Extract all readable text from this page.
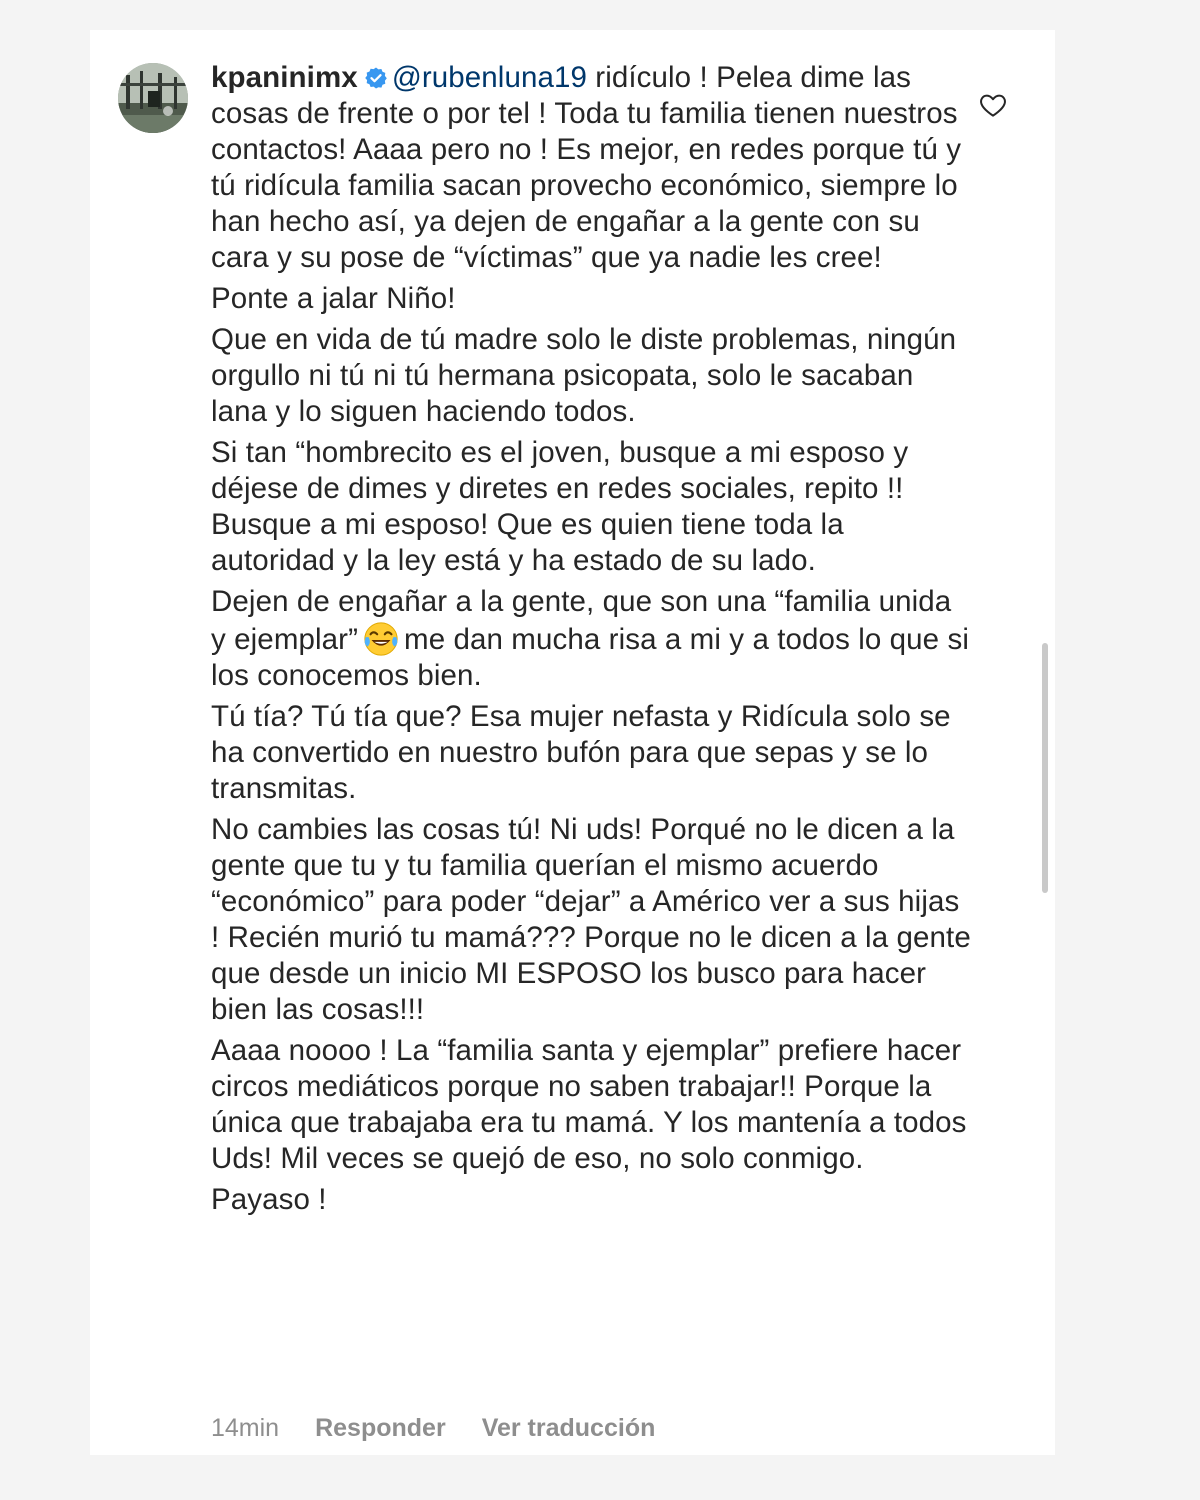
kpaninimx @rubenluna19 ridículo ! Pelea dime las cosas de frente o por tel ! Toda tu familia tienen nuestros contactos! Aaaa pero no ! Es mejor, en redes porque tú y tú ridícula familia sacan provecho económico, siempre lo han hecho así, ya dejen de engañar a la gente con su cara y su pose de “víctimas” que ya nadie les cree!

Ponte a jalar Niño!

Que en vida de tú madre solo le diste problemas, ningún orgullo ni tú ni tú hermana psicopata, solo le sacaban lana y lo siguen haciendo todos.

Si tan “hombrecito es el joven, busque a mi esposo y déjese de dimes y diretes en redes sociales, repito !! Busque a mi esposo! Que es quien tiene toda la autoridad y la ley está y ha estado de su lado.

Dejen de engañar a la gente, que son una “familia unida y ejemplar” me dan mucha risa a mi y a todos lo que si los conocemos bien.

Tú tía? Tú tía que? Esa mujer nefasta y Ridícula solo se ha convertido en nuestro bufón para que sepas y se lo transmitas.

No cambies las cosas tú! Ni uds! Porqué no le dicen a la gente que tu y tu familia querían el mismo acuerdo “económico” para poder “dejar” a Américo ver a sus hijas ! Recién murió tu mamá??? Porque no le dicen a la gente que desde un inicio MI ESPOSO los busco para hacer bien las cosas!!!

Aaaa noooo ! La “familia santa y ejemplar” prefiere hacer circos mediáticos porque no saben trabajar!! Porque la única que trabajaba era tu mamá. Y los mantenía a todos Uds! Mil veces se quejó de eso, no solo conmigo.

Payaso !

14min Responder Ver traducción
